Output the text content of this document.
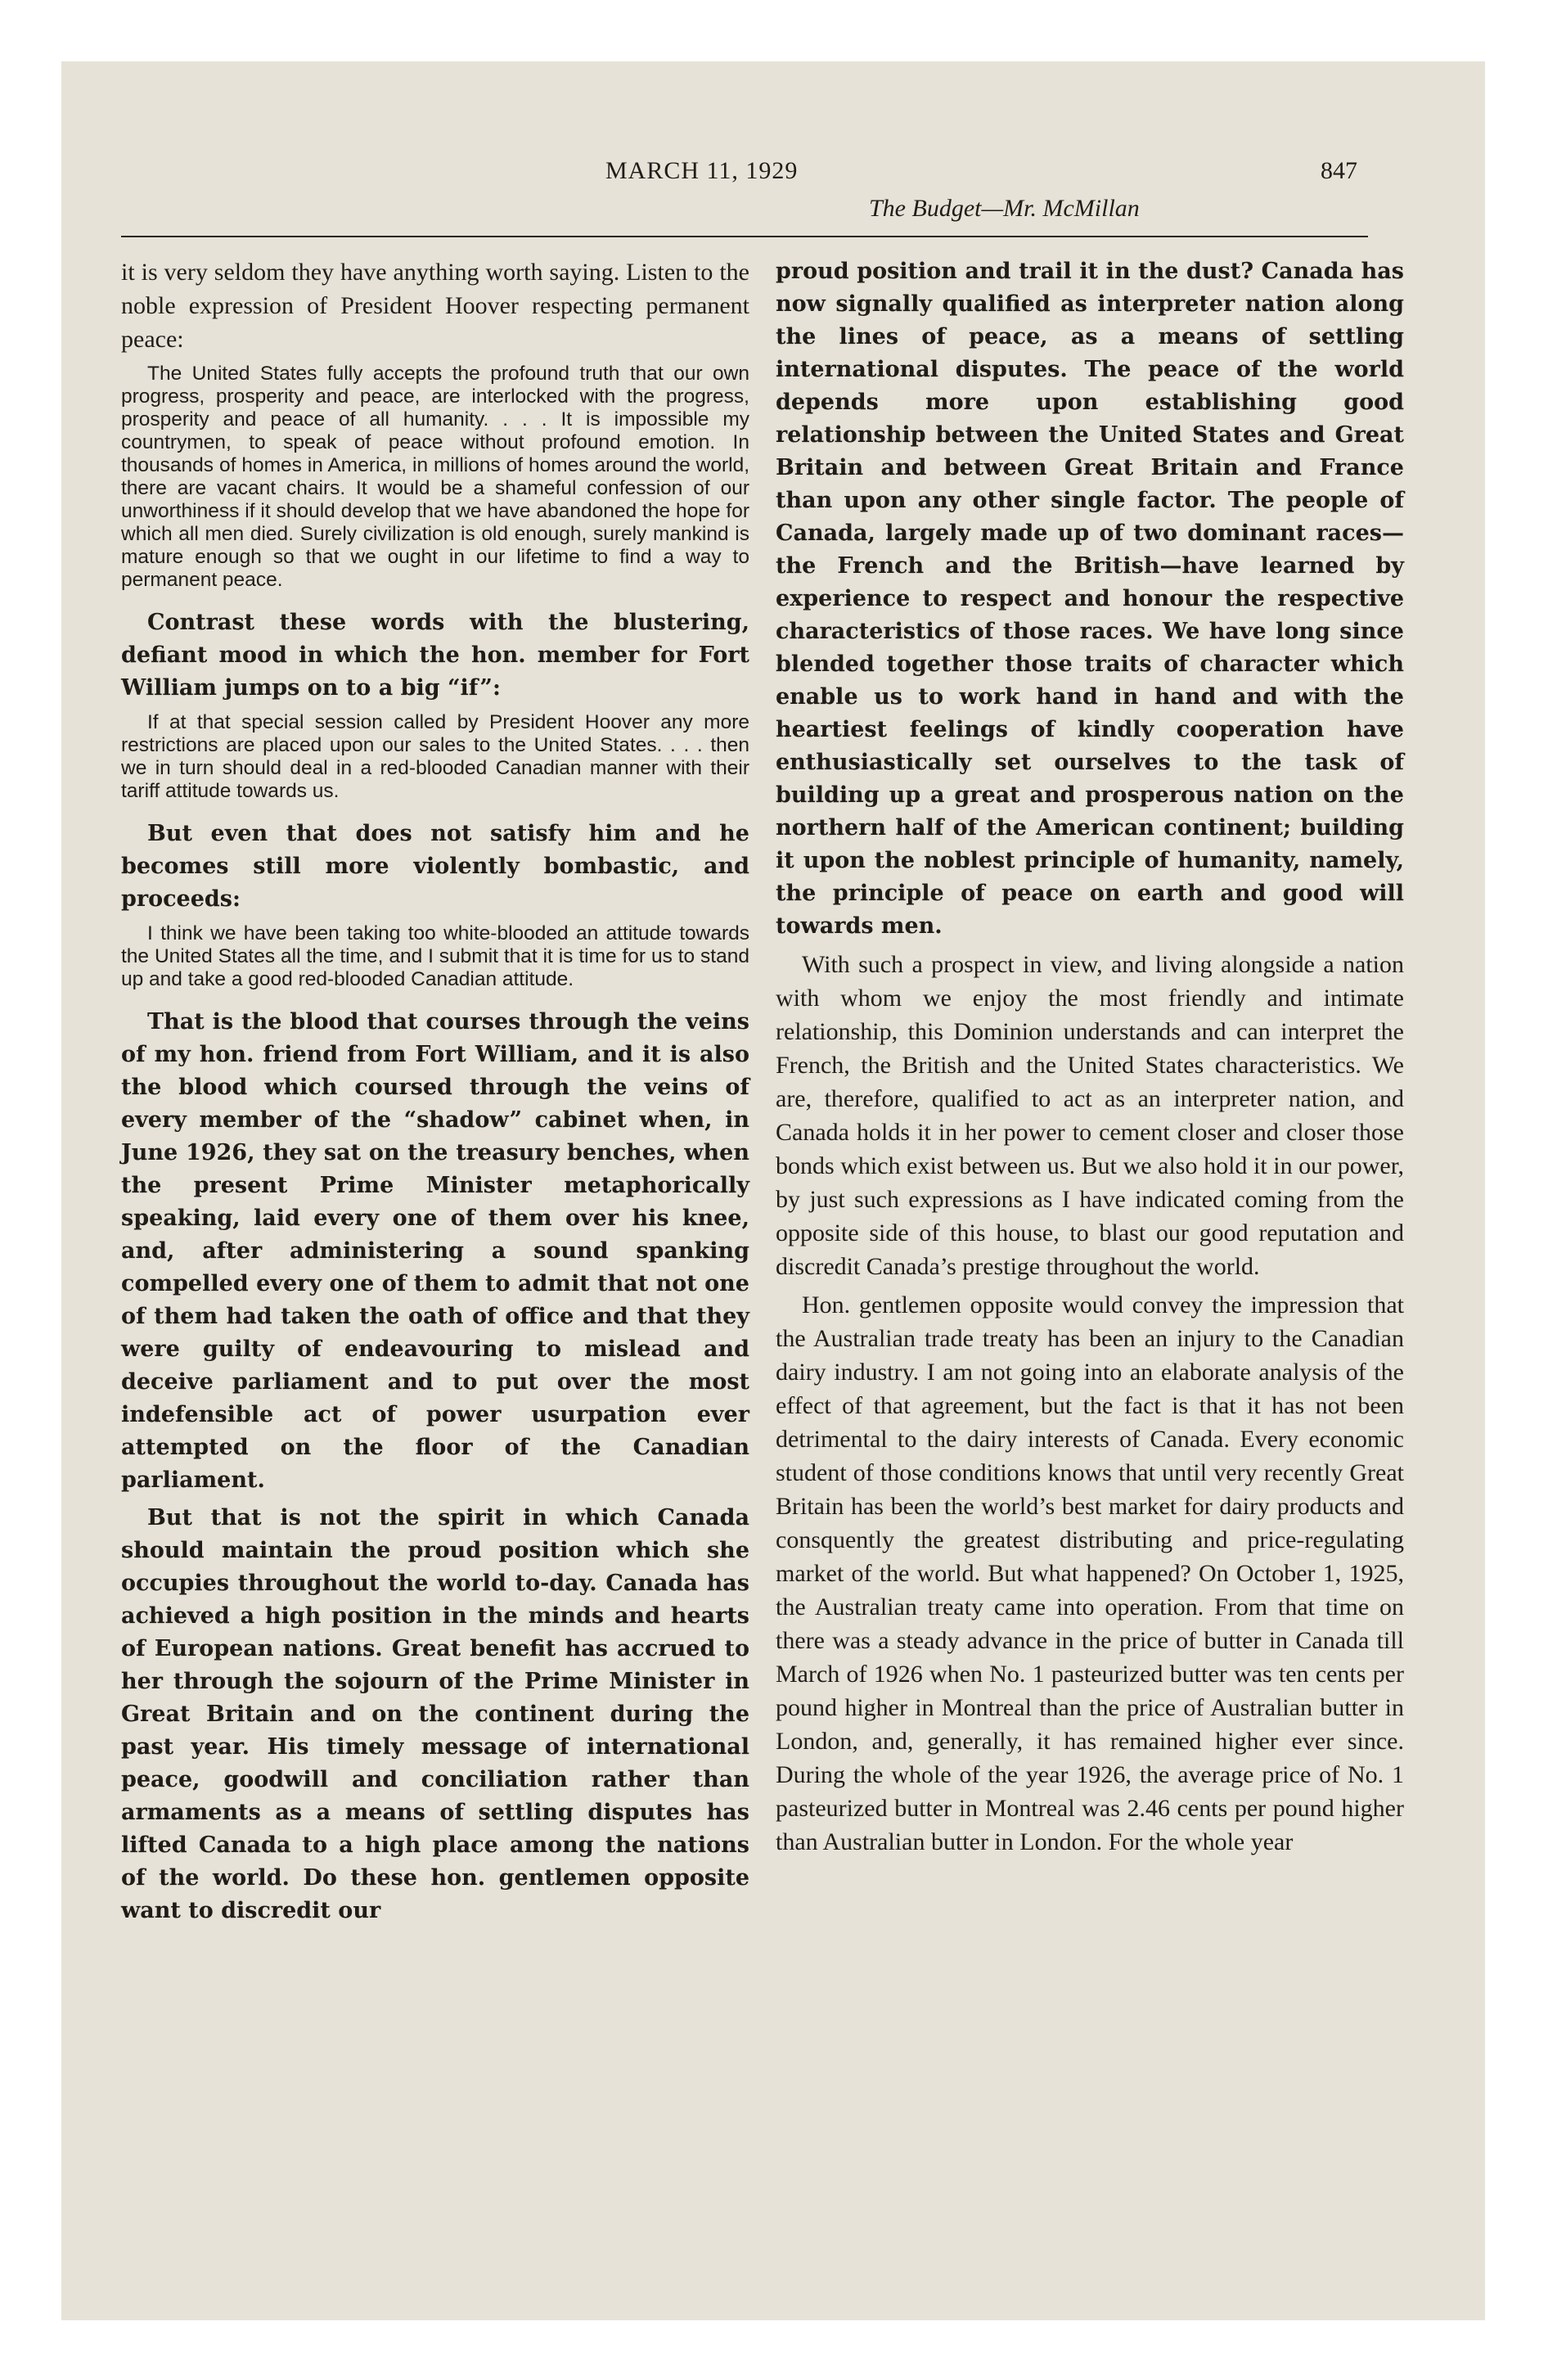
MARCH 11, 1929
The Budget—Mr. McMillan
847

it is very seldom they have anything worth saying. Listen to the noble expression of President Hoover respecting permanent peace:

The United States fully accepts the profound truth that our own progress, prosperity and peace, are interlocked with the progress, prosperity and peace of all humanity. . . . It is impossible my countrymen, to speak of peace without profound emotion. In thousands of homes in America, in millions of homes around the world, there are vacant chairs. It would be a shameful confession of our unworthiness if it should develop that we have abandoned the hope for which all men died. Surely civilization is old enough, surely mankind is mature enough so that we ought in our lifetime to find a way to permanent peace.

Contrast these words with the blustering, defiant mood in which the hon. member for Fort William jumps on to a big “if”:

If at that special session called by President Hoover any more restrictions are placed upon our sales to the United States. . . . then we in turn should deal in a red-blooded Canadian manner with their tariff attitude towards us.

But even that does not satisfy him and he becomes still more violently bombastic, and proceeds:

I think we have been taking too white-blooded an attitude towards the United States all the time, and I submit that it is time for us to stand up and take a good red-blooded Canadian attitude.

That is the blood that courses through the veins of my hon. friend from Fort William, and it is also the blood which coursed through the veins of every member of the “shadow” cabinet when, in June 1926, they sat on the treasury benches, when the present Prime Minister metaphorically speaking, laid every one of them over his knee, and, after administering a sound spanking compelled every one of them to admit that not one of them had taken the oath of office and that they were guilty of endeavouring to mislead and deceive parliament and to put over the most indefensible act of power usurpation ever attempted on the floor of the Canadian parliament.

But that is not the spirit in which Canada should maintain the proud position which she occupies throughout the world to-day. Canada has achieved a high position in the minds and hearts of European nations. Great benefit has accrued to her through the sojourn of the Prime Minister in Great Britain and on the continent during the past year. His timely message of international peace, goodwill and conciliation rather than armaments as a means of settling disputes has lifted Canada to a high place among the nations of the world. Do these hon. gentlemen opposite want to discredit our

proud position and trail it in the dust? Canada has now signally qualified as interpreter nation along the lines of peace, as a means of settling international disputes. The peace of the world depends more upon establishing good relationship between the United States and Great Britain and between Great Britain and France than upon any other single factor. The people of Canada, largely made up of two dominant races—the French and the British—have learned by experience to respect and honour the respective characteristics of those races. We have long since blended together those traits of character which enable us to work hand in hand and with the heartiest feelings of kindly cooperation have enthusiastically set ourselves to the task of building up a great and prosperous nation on the northern half of the American continent; building it upon the noblest principle of humanity, namely, the principle of peace on earth and good will towards men.

With such a prospect in view, and living alongside a nation with whom we enjoy the most friendly and intimate relationship, this Dominion understands and can interpret the French, the British and the United States characteristics. We are, therefore, qualified to act as an interpreter nation, and Canada holds it in her power to cement closer and closer those bonds which exist between us. But we also hold it in our power, by just such expressions as I have indicated coming from the opposite side of this house, to blast our good reputation and discredit Canada’s prestige throughout the world.

Hon. gentlemen opposite would convey the impression that the Australian trade treaty has been an injury to the Canadian dairy industry. I am not going into an elaborate analysis of the effect of that agreement, but the fact is that it has not been detrimental to the dairy interests of Canada. Every economic student of those conditions knows that until very recently Great Britain has been the world’s best market for dairy products and consquently the greatest distributing and price-regulating market of the world. But what happened? On October 1, 1925, the Australian treaty came into operation. From that time on there was a steady advance in the price of butter in Canada till March of 1926 when No. 1 pasteurized butter was ten cents per pound higher in Montreal than the price of Australian butter in London, and, generally, it has remained higher ever since. During the whole of the year 1926, the average price of No. 1 pasteurized butter in Montreal was 2.46 cents per pound higher than Australian butter in London. For the whole year
